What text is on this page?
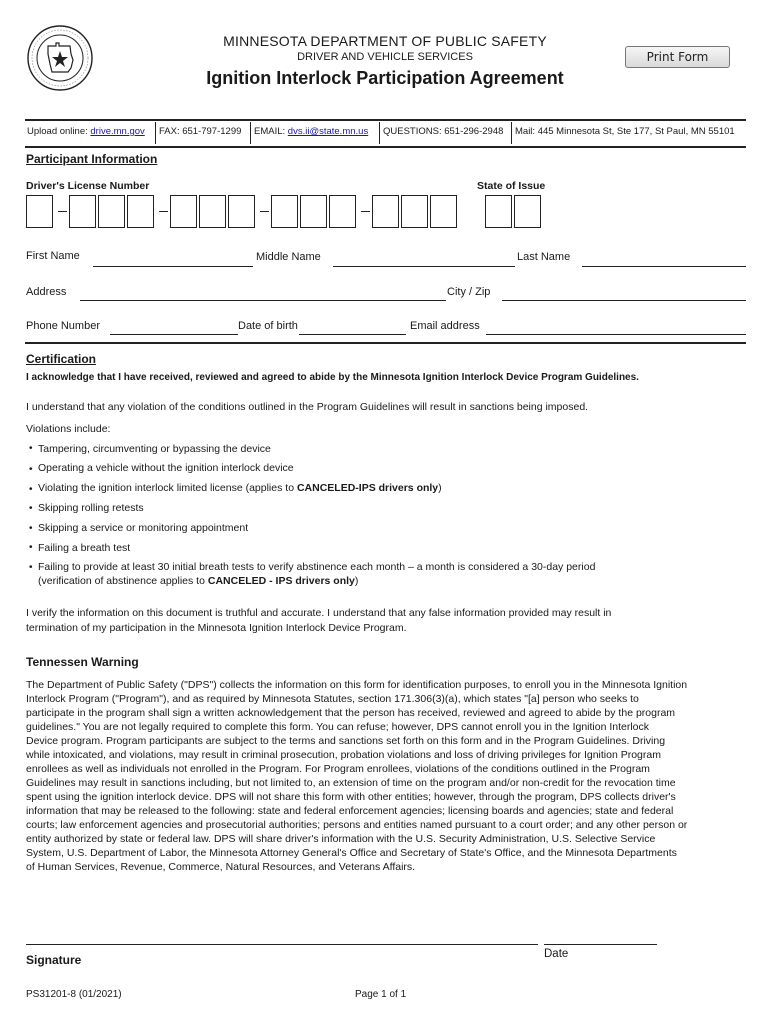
MINNESOTA DEPARTMENT OF PUBLIC SAFETY
DRIVER AND VEHICLE SERVICES
Ignition Interlock Participation Agreement
Print Form
Upload online: drive.mn.gov FAX: 651-797-1299 EMAIL: dvs.ii@state.mn.us QUESTIONS: 651-296-2948 Mail: 445 Minnesota St, Ste 177, St Paul, MN 55101
Participant Information
Driver's License Number	State of Issue
First Name	Middle Name	Last Name
Address	City / Zip
Phone Number	Date of birth	Email address
Certification
I acknowledge that I have received, reviewed and agreed to abide by the Minnesota Ignition Interlock Device Program Guidelines.
I understand that any violation of the conditions outlined in the Program Guidelines will result in sanctions being imposed.
Violations include:
• Tampering, circumventing or bypassing the device
• Operating a vehicle without the ignition interlock device
• Violating the ignition interlock limited license (applies to CANCELED-IPS drivers only)
• Skipping rolling retests
• Skipping a service or monitoring appointment
• Failing a breath test
• Failing to provide at least 30 initial breath tests to verify abstinence each month – a month is considered a 30-day period
(verification of abstinence applies to CANCELED - IPS drivers only)
I verify the information on this document is truthful and accurate. I understand that any false information provided may result in
termination of my participation in the Minnesota Ignition Interlock Device Program.
Tennessen Warning
The Department of Public Safety ("DPS") collects the information on this form for identification purposes, to enroll you in the Minnesota Ignition
Interlock Program ("Program"), and as required by Minnesota Statutes, section 171.306(3)(a), which states "[a] person who seeks to
participate in the program shall sign a written acknowledgement that the person has received, reviewed and agreed to abide by the program
guidelines." You are not legally required to complete this form. You can refuse; however, DPS cannot enroll you in the Ignition Interlock
Device program. Program participants are subject to the terms and sanctions set forth on this form and in the Program Guidelines. Driving
while intoxicated, and violations, may result in criminal prosecution, probation violations and loss of driving privileges for Ignition Program
enrollees as well as individuals not enrolled in the Program. For Program enrollees, violations of the conditions outlined in the Program
Guidelines may result in sanctions including, but not limited to, an extension of time on the program and/or non-credit for the revocation time
spent using the ignition interlock device. DPS will not share this form with other entities; however, through the program, DPS collects driver's
information that may be released to the following: state and federal enforcement agencies; licensing boards and agencies; state and federal
courts; law enforcement agencies and prosecutorial authorities; persons and entities named pursuant to a court order; and any other person or
entity authorized by state or federal law. DPS will share driver's information with the U.S. Security Administration, U.S. Selective Service
System, U.S. Department of Labor, the Minnesota Attorney General's Office and Secretary of State's Office, and the Minnesota Departments
of Human Services, Revenue, Commerce, Natural Resources, and Veterans Affairs.
Date
Signature
PS31201-8 (01/2021)	Page 1 of 1
